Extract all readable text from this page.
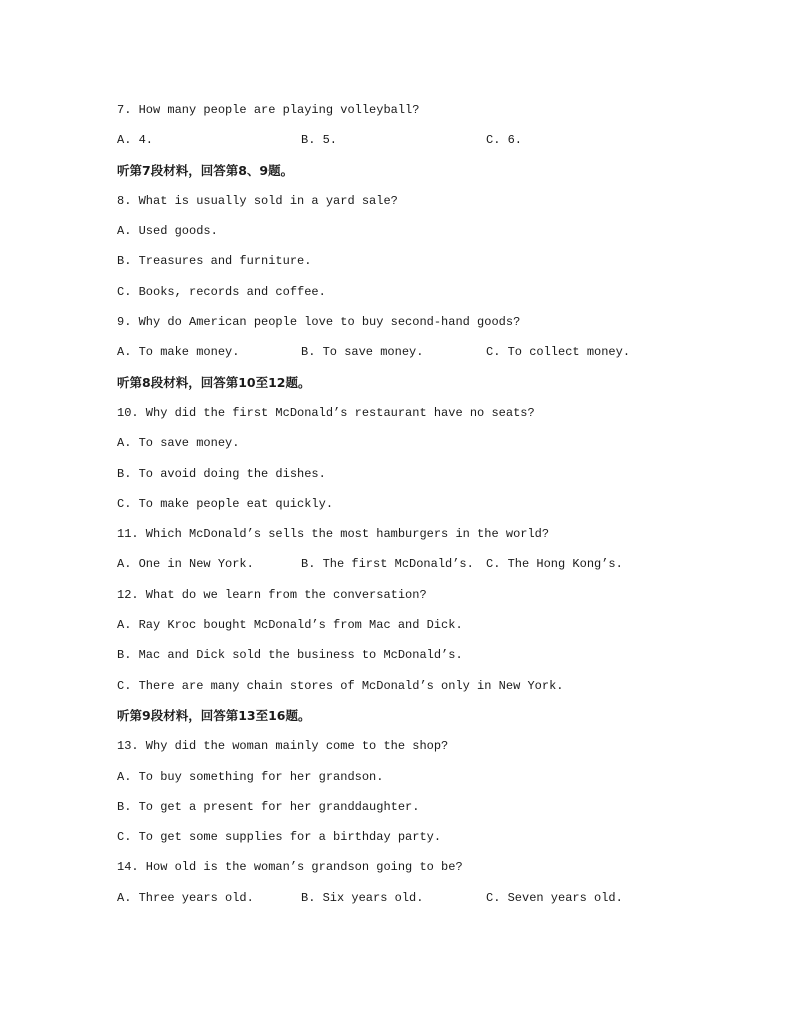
7. How many people are playing volleyball?
A. 4.	B. 5.	C. 6.
听第7段材料，回答第8、9题。
8. What is usually sold in a yard sale?
A. Used goods.
B. Treasures and furniture.
C. Books, records and coffee.
9. Why do American people love to buy second-hand goods?
A. To make money.	B. To save money.	C. To collect money.
听第8段材料，回答第10至12题。
10. Why did the first McDonald’s restaurant have no seats?
A. To save money.
B. To avoid doing the dishes.
C. To make people eat quickly.
11. Which McDonald’s sells the most hamburgers in the world?
A. One in New York.	B. The first McDonald’s. C. The Hong Kong’s.
12. What do we learn from the conversation?
A. Ray Kroc bought McDonald’s from Mac and Dick.
B. Mac and Dick sold the business to McDonald’s.
C. There are many chain stores of McDonald’s only in New York.
听第9段材料，回答第13至16题。
13. Why did the woman mainly come to the shop?
A. To buy something for her grandson.
B. To get a present for her granddaughter.
C. To get some supplies for a birthday party.
14. How old is the woman’s grandson going to be?
A. Three years old.	B. Six years old.	C. Seven years old.
